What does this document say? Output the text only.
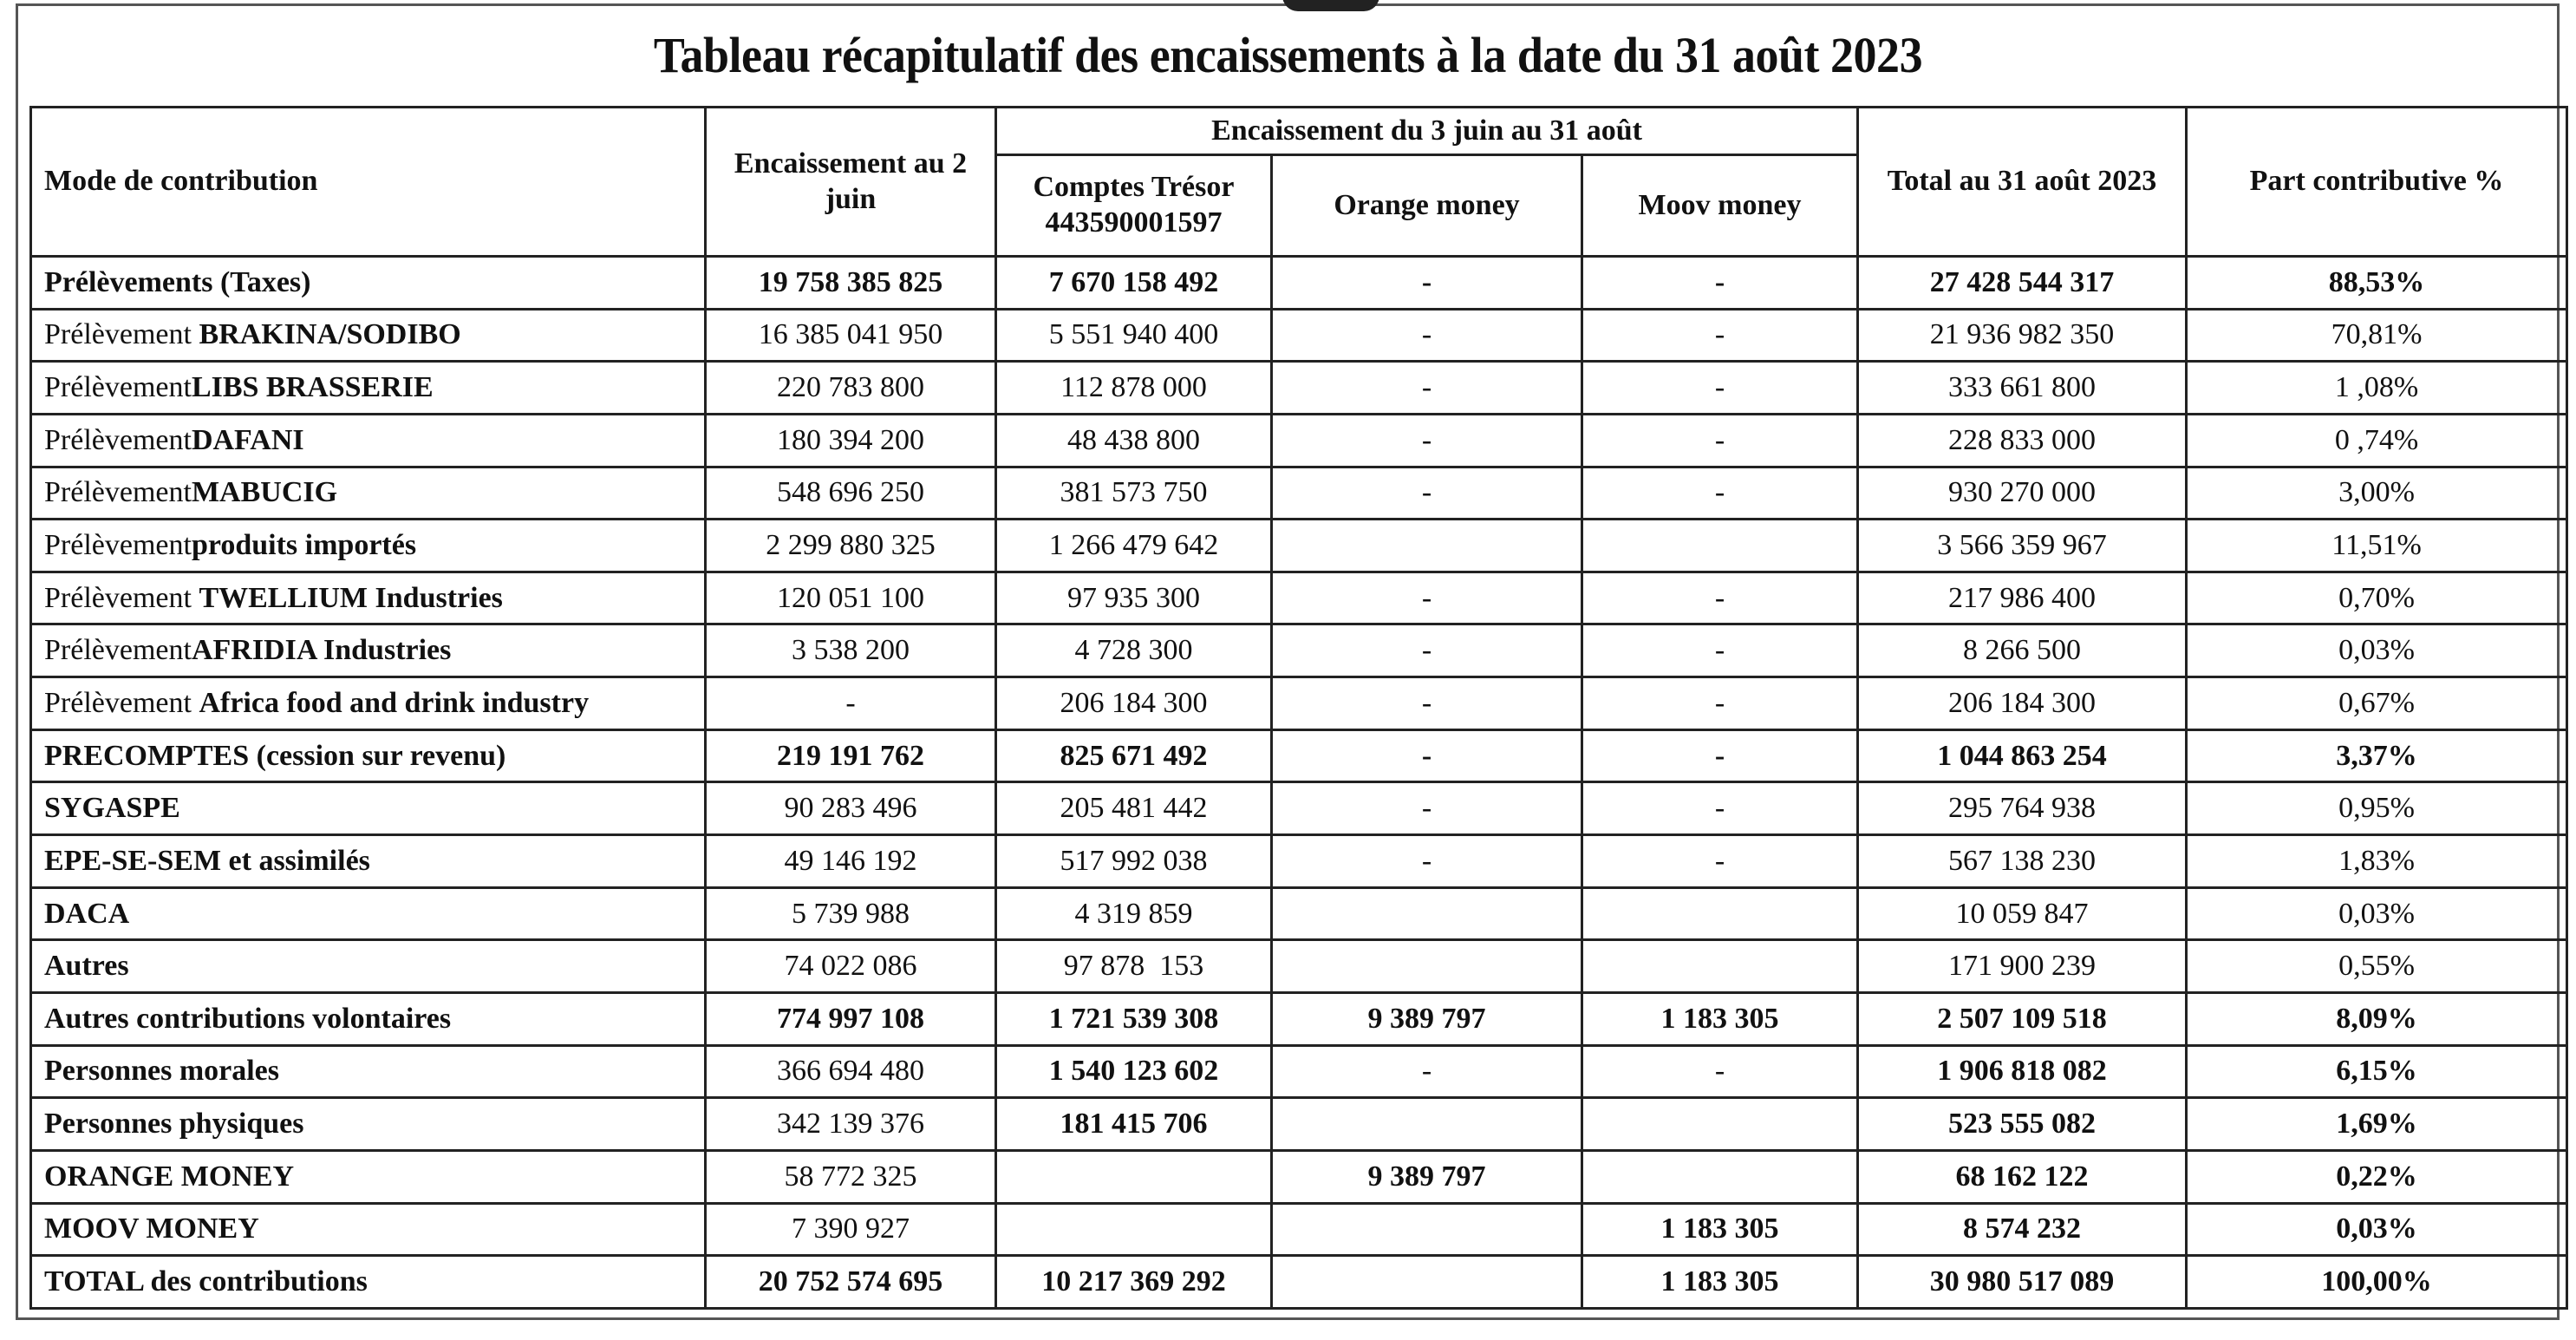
Tableau récapitulatif des encaissements à la date du 31 août 2023
Mode de contribution	Encaissement au 2 juin	Encaissement du 3 juin au 31 août			Total au 31 août 2023	Part contributive %
		Comptes Trésor 443590001597	Orange money	Moov money		
Prélèvements (Taxes)	19 758 385 825	7 670 158 492	-	-	27 428 544 317	88,53%
Prélèvement BRAKINA/SODIBO	16 385 041 950	5 551 940 400	-	-	21 936 982 350	70,81%
PrélèvementLIBS BRASSERIE	220 783 800	112 878 000	-	-	333 661 800	1 ,08%
PrélèvementDAFANI	180 394 200	48 438 800	-	-	228 833 000	0 ,74%
PrélèvementMABUCIG	548 696 250	381 573 750	-	-	930 270 000	3,00%
Prélèvementproduits importés	2 299 880 325	1 266 479 642			3 566 359 967	11,51%
Prélèvement TWELLIUM Industries	120 051 100	97 935 300	-	-	217 986 400	0,70%
PrélèvementAFRIDIA Industries	3 538 200	4 728 300	-	-	8 266 500	0,03%
Prélèvement Africa food and drink industry	-	206 184 300	-	-	206 184 300	0,67%
PRECOMPTES (cession sur revenu)	219 191 762	825 671 492	-	-	1 044 863 254	3,37%
SYGASPE	90 283 496	205 481 442	-	-	295 764 938	0,95%
EPE-SE-SEM et assimilés	49 146 192	517 992 038	-	-	567 138 230	1,83%
DACA	5 739 988	4 319 859			10 059 847	0,03%
Autres	74 022 086	97 878  153			171 900 239	0,55%
Autres contributions volontaires	774 997 108	1 721 539 308	9 389 797	1 183 305	2 507 109 518	8,09%
Personnes morales	366 694 480	1 540 123 602	-	-	1 906 818 082	6,15%
Personnes physiques	342 139 376	181 415 706			523 555 082	1,69%
ORANGE MONEY	58 772 325		9 389 797		68 162 122	0,22%
MOOV MONEY	7 390 927			1 183 305	8 574 232	0,03%
TOTAL des contributions	20 752 574 695	10 217 369 292		1 183 305	30 980 517 089	100,00%
